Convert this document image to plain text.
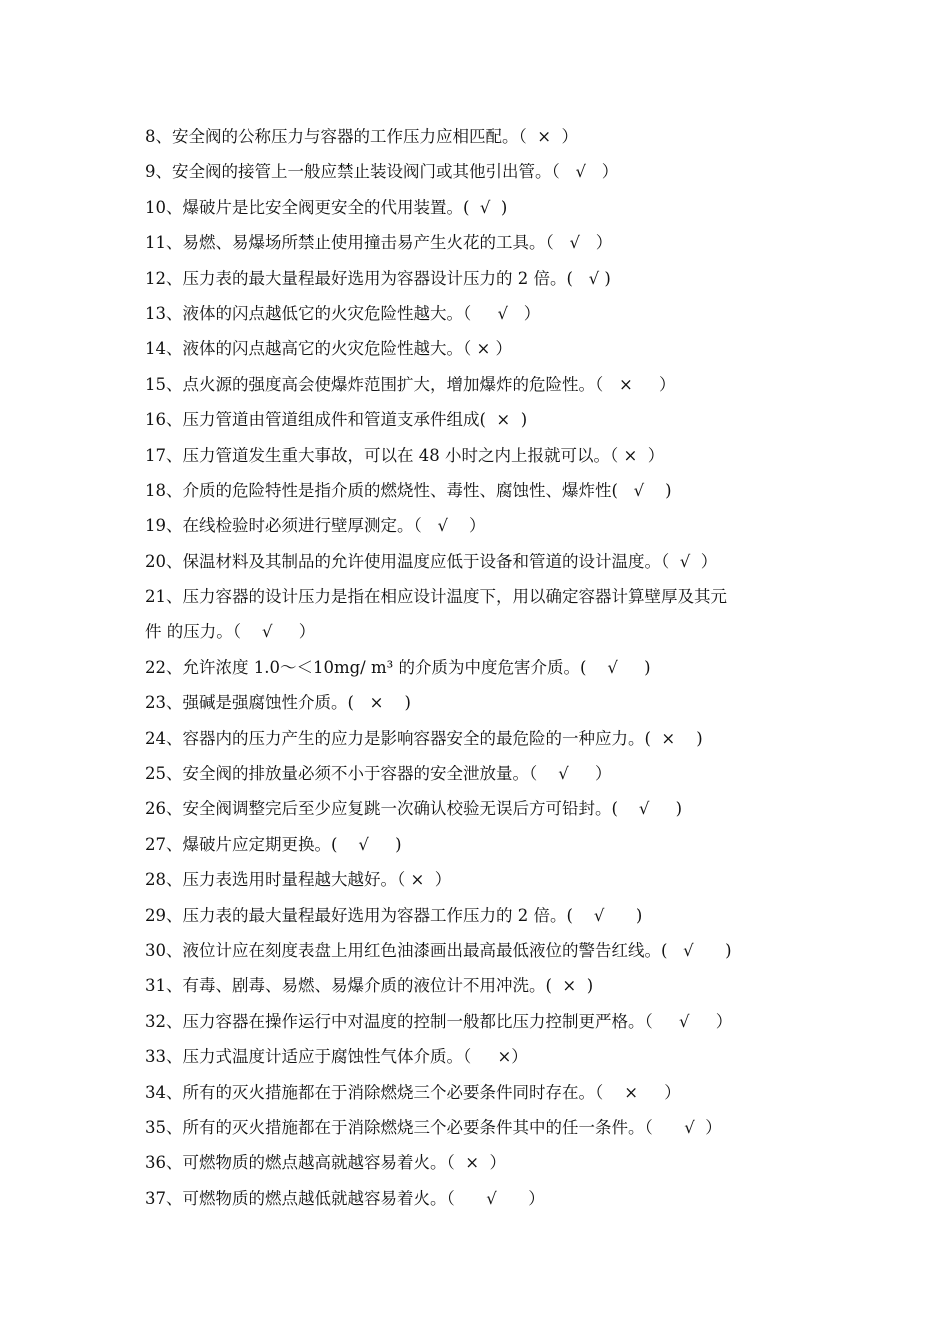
8、安全阀的公称压力与容器的工作压力应相匹配。（  ×  ）
9、安全阀的接管上一般应禁止装设阀门或其他引出管。（   √   ）
10、爆破片是比安全阀更安全的代用装置。(  √  )
11、易燃、易爆场所禁止使用撞击易产生火花的工具。（   √   ）
12、压力表的最大量程最好选用为容器设计压力的 2 倍。(   √ )
13、液体的闪点越低它的火灾危险性越大。（     √   ）
14、液体的闪点越高它的火灾危险性越大。（ × ）
15、点火源的强度高会使爆炸范围扩大，增加爆炸的危险性。（   ×     ）
16、压力管道由管道组成件和管道支承件组成(  ×  )
17、压力管道发生重大事故，可以在 48 小时之内上报就可以。（ ×  ）
18、介质的危险特性是指介质的燃烧性、毒性、腐蚀性、爆炸性(   √    )
19、在线检验时必须进行壁厚测定。（   √    ）
20、保温材料及其制品的允许使用温度应低于设备和管道的设计温度。（  √  ）
21、压力容器的设计压力是指在相应设计温度下，用以确定容器计算壁厚及其元
件 的压力。（    √     ）
22、允许浓度 1.0～＜10mg/ m³ 的介质为中度危害介质。(    √     )
23、强碱是强腐蚀性介质。(   ×    )
24、容器内的压力产生的应力是影响容器安全的最危险的一种应力。(  ×    )
25、安全阀的排放量必须不小于容器的安全泄放量。（    √     ）
26、安全阀调整完后至少应复跳一次确认校验无误后方可铅封。(    √     )
27、爆破片应定期更换。(    √     )
28、压力表选用时量程越大越好。（ ×  ）
29、压力表的最大量程最好选用为容器工作压力的 2 倍。(    √      )
30、液位计应在刻度表盘上用红色油漆画出最高最低液位的警告红线。(   √      )
31、有毒、剧毒、易燃、易爆介质的液位计不用冲洗。(  ×  )
32、压力容器在操作运行中对温度的控制一般都比压力控制更严格。（     √     ）
33、压力式温度计适应于腐蚀性气体介质。（     ×）
34、所有的灭火措施都在于消除燃烧三个必要条件同时存在。（    ×     ）
35、所有的灭火措施都在于消除燃烧三个必要条件其中的任一条件。（      √  ）
36、可燃物质的燃点越高就越容易着火。（  ×  ）
37、可燃物质的燃点越低就越容易着火。（      √      ）
